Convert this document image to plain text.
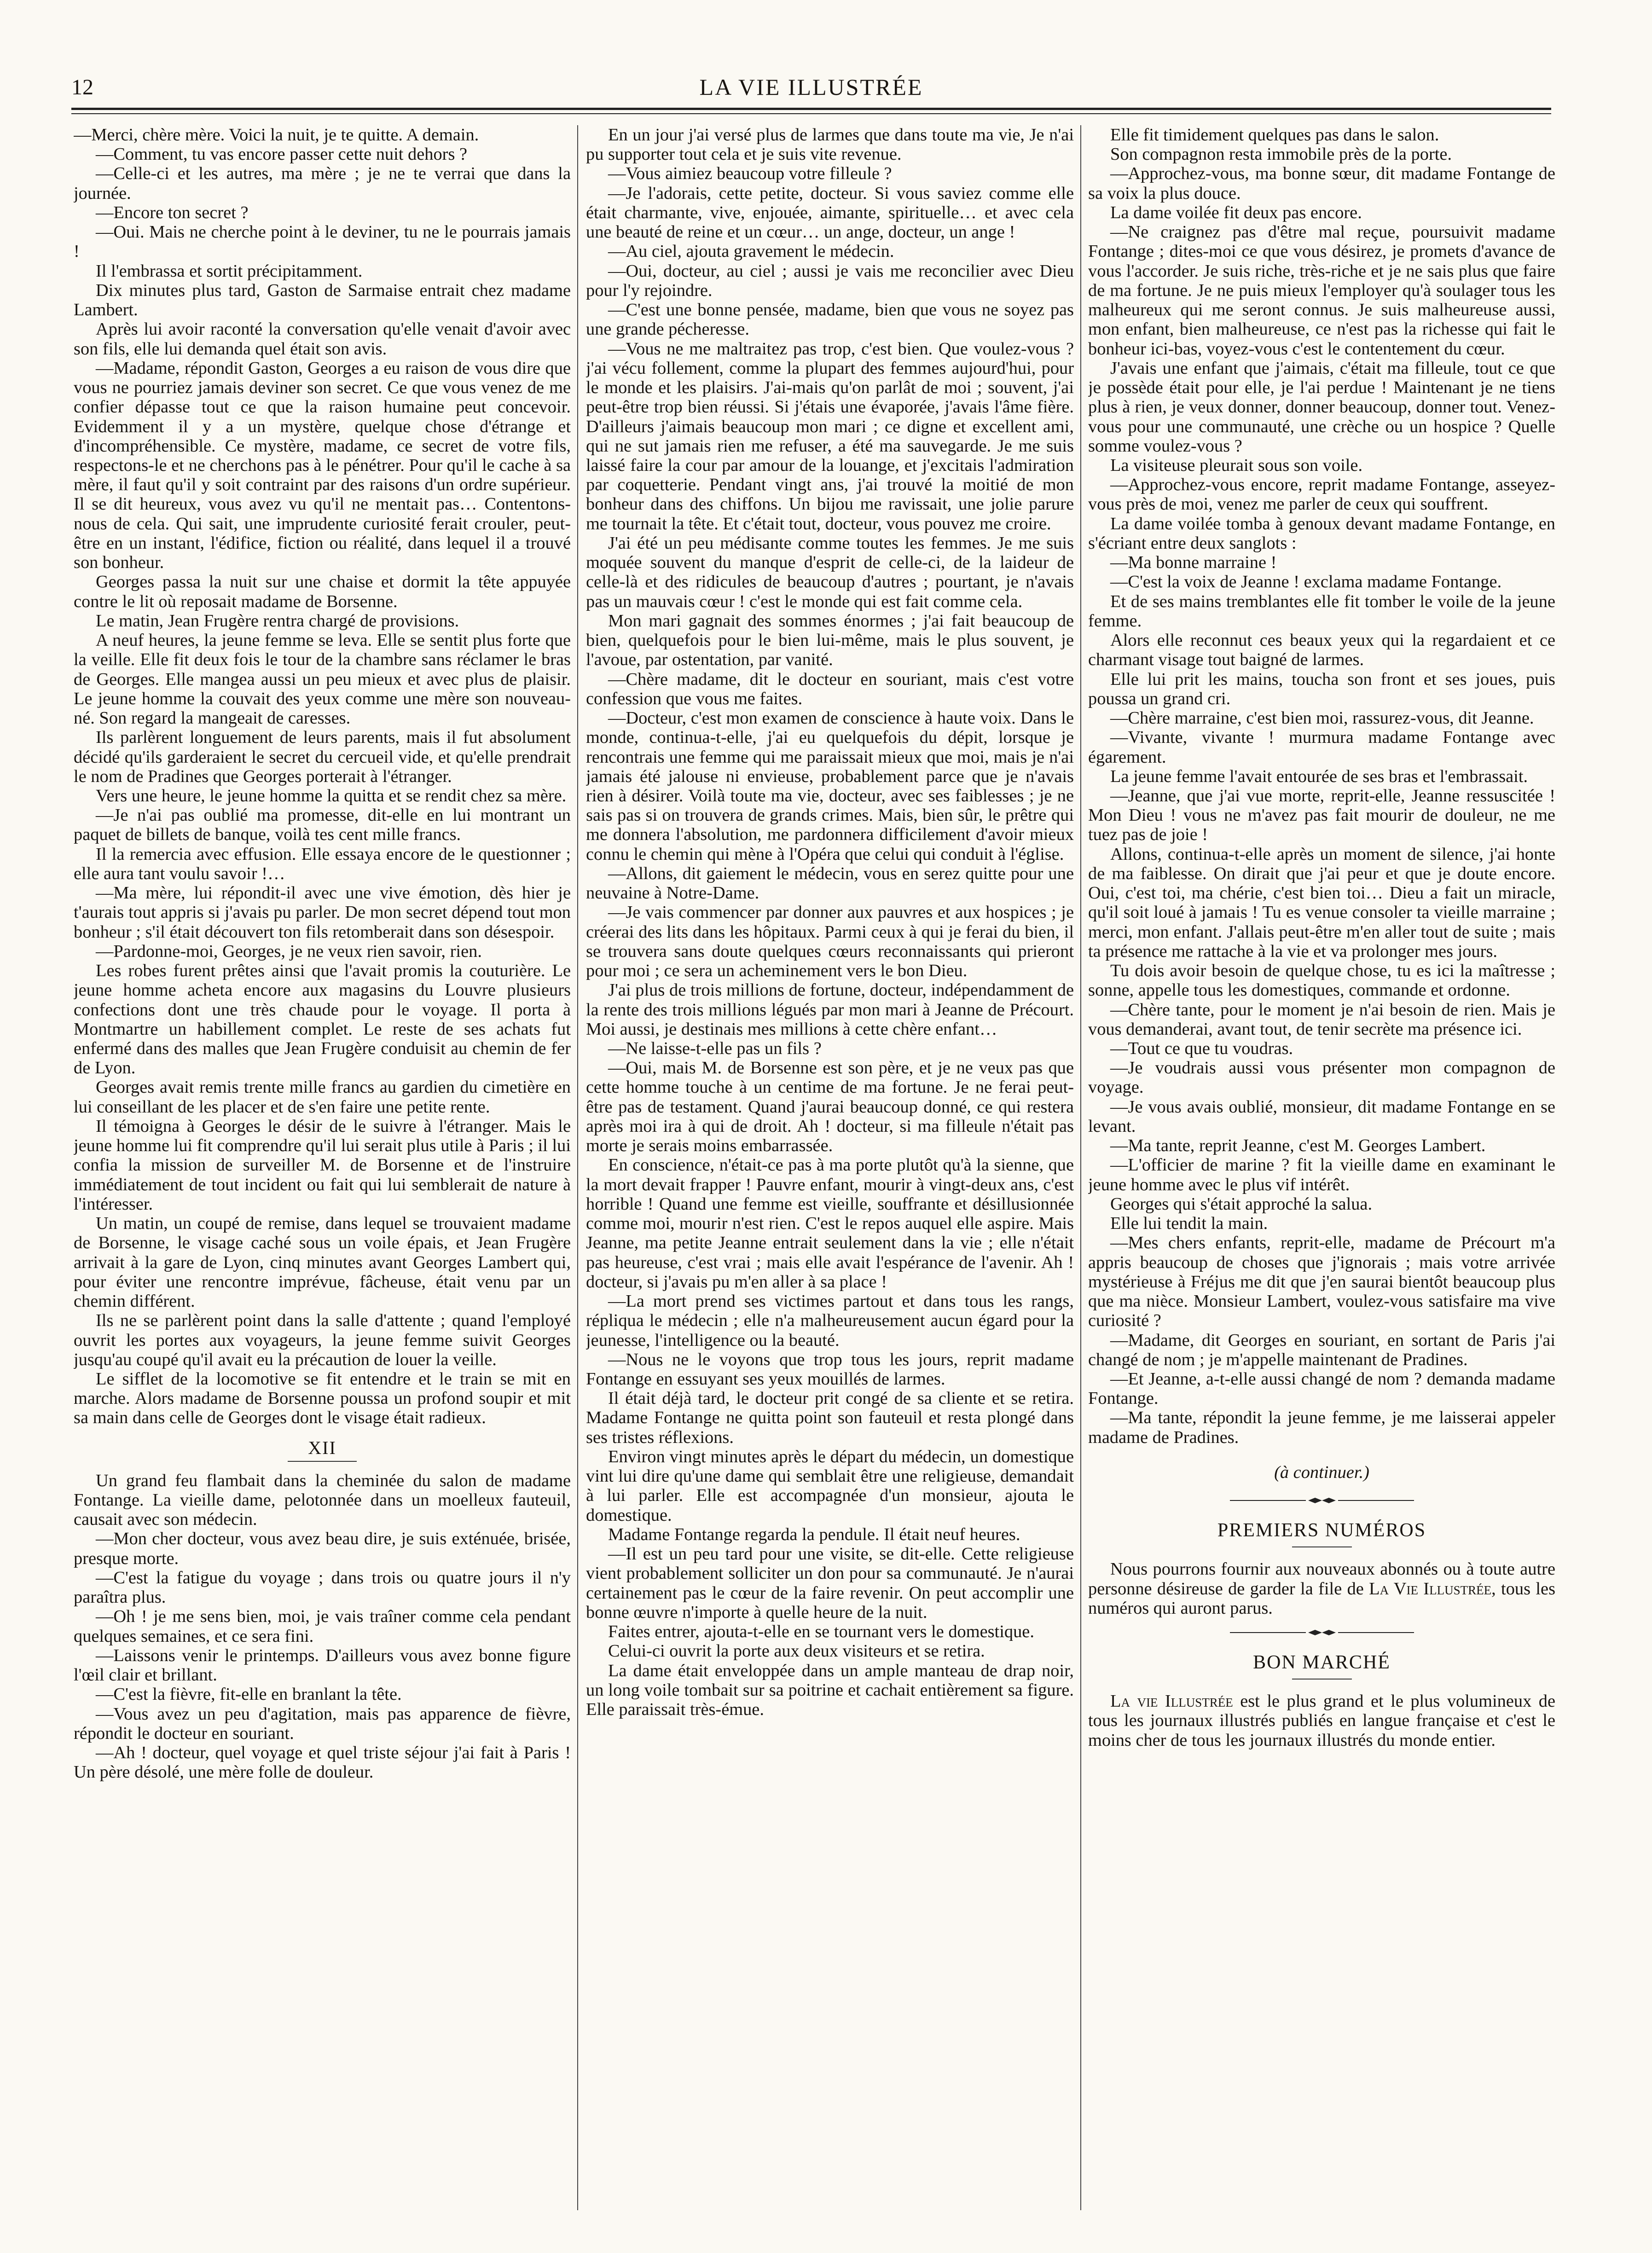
12	LA VIE ILLUSTRÉE

—Merci, chère mère. Voici la nuit, je te quitte. A demain.

—Comment, tu vas encore passer cette nuit dehors ?

—Celle-ci et les autres, ma mère ; je ne te verrai que dans la journée.

—Encore ton secret ?

—Oui. Mais ne cherche point à le deviner, tu ne le pourrais jamais !

Il l'embrassa et sortit précipitamment.

Dix minutes plus tard, Gaston de Sarmaise entrait chez madame Lambert.

Après lui avoir raconté la conversation qu'elle venait d'avoir avec son fils, elle lui demanda quel était son avis.

—Madame, répondit Gaston, Georges a eu raison de vous dire que vous ne pourriez jamais deviner son secret. Ce que vous venez de me confier dépasse tout ce que la raison humaine peut concevoir. Evidemment il y a un mystère, quelque chose d'étrange et d'incompréhensible. Ce mystère, madame, ce secret de votre fils, respectons-le et ne cherchons pas à le pénétrer. Pour qu'il le cache à sa mère, il faut qu'il y soit contraint par des raisons d'un ordre supérieur. Il se dit heureux, vous avez vu qu'il ne mentait pas… Contentons-nous de cela. Qui sait, une imprudente curiosité ferait crouler, peut-être en un instant, l'édifice, fiction ou réalité, dans lequel il a trouvé son bonheur.

Georges passa la nuit sur une chaise et dormit la tête appuyée contre le lit où reposait madame de Borsenne.

Le matin, Jean Frugère rentra chargé de provisions.

A neuf heures, la jeune femme se leva. Elle se sentit plus forte que la veille. Elle fit deux fois le tour de la chambre sans réclamer le bras de Georges. Elle mangea aussi un peu mieux et avec plus de plaisir. Le jeune homme la couvait des yeux comme une mère son nouveau-né. Son regard la mangeait de caresses.

Ils parlèrent longuement de leurs parents, mais il fut absolument décidé qu'ils garderaient le secret du cercueil vide, et qu'elle prendrait le nom de Pradines que Georges porterait à l'étranger.

Vers une heure, le jeune homme la quitta et se rendit chez sa mère.

—Je n'ai pas oublié ma promesse, dit-elle en lui montrant un paquet de billets de banque, voilà tes cent mille francs.

Il la remercia avec effusion. Elle essaya encore de le questionner ; elle aura tant voulu savoir !…

—Ma mère, lui répondit-il avec une vive émotion, dès hier je t'aurais tout appris si j'avais pu parler. De mon secret dépend tout mon bonheur ; s'il était découvert ton fils retomberait dans son désespoir.

—Pardonne-moi, Georges, je ne veux rien savoir, rien.

Les robes furent prêtes ainsi que l'avait promis la couturière. Le jeune homme acheta encore aux magasins du Louvre plusieurs confections dont une très chaude pour le voyage. Il porta à Montmartre un habillement complet. Le reste de ses achats fut enfermé dans des malles que Jean Frugère conduisit au chemin de fer de Lyon.

Georges avait remis trente mille francs au gardien du cimetière en lui conseillant de les placer et de s'en faire une petite rente.

Il témoigna à Georges le désir de le suivre à l'étranger. Mais le jeune homme lui fit comprendre qu'il lui serait plus utile à Paris ; il lui confia la mission de surveiller M. de Borsenne et de l'instruire immédiatement de tout incident ou fait qui lui semblerait de nature à l'intéresser.

Un matin, un coupé de remise, dans lequel se trouvaient madame de Borsenne, le visage caché sous un voile épais, et Jean Frugère arrivait à la gare de Lyon, cinq minutes avant Georges Lambert qui, pour éviter une rencontre imprévue, fâcheuse, était venu par un chemin différent.

Ils ne se parlèrent point dans la salle d'attente ; quand l'employé ouvrit les portes aux voyageurs, la jeune femme suivit Georges jusqu'au coupé qu'il avait eu la précaution de louer la veille.

Le sifflet de la locomotive se fit entendre et le train se mit en marche. Alors madame de Borsenne poussa un profond soupir et mit sa main dans celle de Georges dont le visage était radieux.

XII

Un grand feu flambait dans la cheminée du salon de madame Fontange. La vieille dame, pelotonnée dans un moelleux fauteuil, causait avec son médecin.

—Mon cher docteur, vous avez beau dire, je suis exténuée, brisée, presque morte.

—C'est la fatigue du voyage ; dans trois ou quatre jours il n'y paraîtra plus.

—Oh ! je me sens bien, moi, je vais traîner comme cela pendant quelques semaines, et ce sera fini.

—Laissons venir le printemps. D'ailleurs vous avez bonne figure l'œil clair et brillant.

—C'est la fièvre, fit-elle en branlant la tête.

—Vous avez un peu d'agitation, mais pas apparence de fièvre, répondit le docteur en souriant.

—Ah ! docteur, quel voyage et quel triste séjour j'ai fait à Paris ! Un père désolé, une mère folle de douleur.

En un jour j'ai versé plus de larmes que dans toute ma vie, Je n'ai pu supporter tout cela et je suis vite revenue.

—Vous aimiez beaucoup votre filleule ?

—Je l'adorais, cette petite, docteur. Si vous saviez comme elle était charmante, vive, enjouée, aimante, spirituelle… et avec cela une beauté de reine et un cœur… un ange, docteur, un ange !

—Au ciel, ajouta gravement le médecin.

—Oui, docteur, au ciel ; aussi je vais me reconcilier avec Dieu pour l'y rejoindre.

—C'est une bonne pensée, madame, bien que vous ne soyez pas une grande pécheresse.

—Vous ne me maltraitez pas trop, c'est bien. Que voulez-vous ? j'ai vécu follement, comme la plupart des femmes aujourd'hui, pour le monde et les plaisirs. J'ai-mais qu'on parlât de moi ; souvent, j'ai peut-être trop bien réussi. Si j'étais une évaporée, j'avais l'âme fière. D'ailleurs j'aimais beaucoup mon mari ; ce digne et excellent ami, qui ne sut jamais rien me refuser, a été ma sauvegarde. Je me suis laissé faire la cour par amour de la louange, et j'excitais l'admiration par coquetterie. Pendant vingt ans, j'ai trouvé la moitié de mon bonheur dans des chiffons. Un bijou me ravissait, une jolie parure me tournait la tête. Et c'était tout, docteur, vous pouvez me croire.

J'ai été un peu médisante comme toutes les femmes. Je me suis moquée souvent du manque d'esprit de celle-ci, de la laideur de celle-là et des ridicules de beaucoup d'autres ; pourtant, je n'avais pas un mauvais cœur ! c'est le monde qui est fait comme cela.

Mon mari gagnait des sommes énormes ; j'ai fait beaucoup de bien, quelquefois pour le bien lui-même, mais le plus souvent, je l'avoue, par ostentation, par vanité.

—Chère madame, dit le docteur en souriant, mais c'est votre confession que vous me faites.

—Docteur, c'est mon examen de conscience à haute voix. Dans le monde, continua-t-elle, j'ai eu quelquefois du dépit, lorsque je rencontrais une femme qui me paraissait mieux que moi, mais je n'ai jamais été jalouse ni envieuse, probablement parce que je n'avais rien à désirer. Voilà toute ma vie, docteur, avec ses faiblesses ; je ne sais pas si on trouvera de grands crimes. Mais, bien sûr, le prêtre qui me donnera l'absolution, me pardonnera difficilement d'avoir mieux connu le chemin qui mène à l'Opéra que celui qui conduit à l'église.

—Allons, dit gaiement le médecin, vous en serez quitte pour une neuvaine à Notre-Dame.

—Je vais commencer par donner aux pauvres et aux hospices ; je créerai des lits dans les hôpitaux. Parmi ceux à qui je ferai du bien, il se trouvera sans doute quelques cœurs reconnaissants qui prieront pour moi ; ce sera un acheminement vers le bon Dieu.

J'ai plus de trois millions de fortune, docteur, indépendamment de la rente des trois millions légués par mon mari à Jeanne de Précourt. Moi aussi, je destinais mes millions à cette chère enfant…

—Ne laisse-t-elle pas un fils ?

—Oui, mais M. de Borsenne est son père, et je ne veux pas que cette homme touche à un centime de ma fortune. Je ne ferai peut-être pas de testament. Quand j'aurai beaucoup donné, ce qui restera après moi ira à qui de droit. Ah ! docteur, si ma filleule n'était pas morte je serais moins embarrassée.

En conscience, n'était-ce pas à ma porte plutôt qu'à la sienne, que la mort devait frapper ! Pauvre enfant, mourir à vingt-deux ans, c'est horrible ! Quand une femme est vieille, souffrante et désillusionnée comme moi, mourir n'est rien. C'est le repos auquel elle aspire. Mais Jeanne, ma petite Jeanne entrait seulement dans la vie ; elle n'était pas heureuse, c'est vrai ; mais elle avait l'espérance de l'avenir. Ah ! docteur, si j'avais pu m'en aller à sa place !

—La mort prend ses victimes partout et dans tous les rangs, répliqua le médecin ; elle n'a malheureusement aucun égard pour la jeunesse, l'intelligence ou la beauté.

—Nous ne le voyons que trop tous les jours, reprit madame Fontange en essuyant ses yeux mouillés de larmes.

Il était déjà tard, le docteur prit congé de sa cliente et se retira. Madame Fontange ne quitta point son fauteuil et resta plongé dans ses tristes réflexions.

Environ vingt minutes après le départ du médecin, un domestique vint lui dire qu'une dame qui semblait être une religieuse, demandait à lui parler. Elle est accompagnée d'un monsieur, ajouta le domestique.

Madame Fontange regarda la pendule. Il était neuf heures.

—Il est un peu tard pour une visite, se dit-elle. Cette religieuse vient probablement solliciter un don pour sa communauté. Je n'aurai certainement pas le cœur de la faire revenir. On peut accomplir une bonne œuvre n'importe à quelle heure de la nuit.

Faites entrer, ajouta-t-elle en se tournant vers le domestique.

Celui-ci ouvrit la porte aux deux visiteurs et se retira.

La dame était enveloppée dans un ample manteau de drap noir, un long voile tombait sur sa poitrine et cachait entièrement sa figure. Elle paraissait très-émue.

Elle fit timidement quelques pas dans le salon.

Son compagnon resta immobile près de la porte.

—Approchez-vous, ma bonne sœur, dit madame Fontange de sa voix la plus douce.

La dame voilée fit deux pas encore.

—Ne craignez pas d'être mal reçue, poursuivit madame Fontange ; dites-moi ce que vous désirez, je promets d'avance de vous l'accorder. Je suis riche, très-riche et je ne sais plus que faire de ma fortune. Je ne puis mieux l'employer qu'à soulager tous les malheureux qui me seront connus. Je suis malheureuse aussi, mon enfant, bien malheureuse, ce n'est pas la richesse qui fait le bonheur ici-bas, voyez-vous c'est le contentement du cœur.

J'avais une enfant que j'aimais, c'était ma filleule, tout ce que je possède était pour elle, je l'ai perdue ! Maintenant je ne tiens plus à rien, je veux donner, donner beaucoup, donner tout. Venez-vous pour une communauté, une crèche ou un hospice ? Quelle somme voulez-vous ?

La visiteuse pleurait sous son voile.

—Approchez-vous encore, reprit madame Fontange, asseyez-vous près de moi, venez me parler de ceux qui souffrent.

La dame voilée tomba à genoux devant madame Fontange, en s'écriant entre deux sanglots :

—Ma bonne marraine !

—C'est la voix de Jeanne ! exclama madame Fontange.

Et de ses mains tremblantes elle fit tomber le voile de la jeune femme.

Alors elle reconnut ces beaux yeux qui la regardaient et ce charmant visage tout baigné de larmes.

Elle lui prit les mains, toucha son front et ses joues, puis poussa un grand cri.

—Chère marraine, c'est bien moi, rassurez-vous, dit Jeanne.

—Vivante, vivante ! murmura madame Fontange avec égarement.

La jeune femme l'avait entourée de ses bras et l'embrassait.

—Jeanne, que j'ai vue morte, reprit-elle, Jeanne ressuscitée ! Mon Dieu ! vous ne m'avez pas fait mourir de douleur, ne me tuez pas de joie !

Allons, continua-t-elle après un moment de silence, j'ai honte de ma faiblesse. On dirait que j'ai peur et que je doute encore. Oui, c'est toi, ma chérie, c'est bien toi… Dieu a fait un miracle, qu'il soit loué à jamais ! Tu es venue consoler ta vieille marraine ; merci, mon enfant. J'allais peut-être m'en aller tout de suite ; mais ta présence me rattache à la vie et va prolonger mes jours.

Tu dois avoir besoin de quelque chose, tu es ici la maîtresse ; sonne, appelle tous les domestiques, commande et ordonne.

—Chère tante, pour le moment je n'ai besoin de rien. Mais je vous demanderai, avant tout, de tenir secrète ma présence ici.

—Tout ce que tu voudras.

—Je voudrais aussi vous présenter mon compagnon de voyage.

—Je vous avais oublié, monsieur, dit madame Fontange en se levant.

—Ma tante, reprit Jeanne, c'est M. Georges Lambert.

—L'officier de marine ? fit la vieille dame en examinant le jeune homme avec le plus vif intérêt.

Georges qui s'était approché la salua.

Elle lui tendit la main.

—Mes chers enfants, reprit-elle, madame de Précourt m'a appris beaucoup de choses que j'ignorais ; mais votre arrivée mystérieuse à Fréjus me dit que j'en saurai bientôt beaucoup plus que ma nièce. Monsieur Lambert, voulez-vous satisfaire ma vive curiosité ?

—Madame, dit Georges en souriant, en sortant de Paris j'ai changé de nom ; je m'appelle maintenant de Pradines.

—Et Jeanne, a-t-elle aussi changé de nom ? demanda madame Fontange.

—Ma tante, répondit la jeune femme, je me laisserai appeler madame de Pradines.

(à continuer.)

PREMIERS NUMÉROS

Nous pourrons fournir aux nouveaux abonnés ou à toute autre personne désireuse de garder la file de La Vie Illustrée, tous les numéros qui auront parus.

BON MARCHÉ

La vie Illustrée est le plus grand et le plus volumineux de tous les journaux illustrés publiés en langue française et c'est le moins cher de tous les journaux illustrés du monde entier.
